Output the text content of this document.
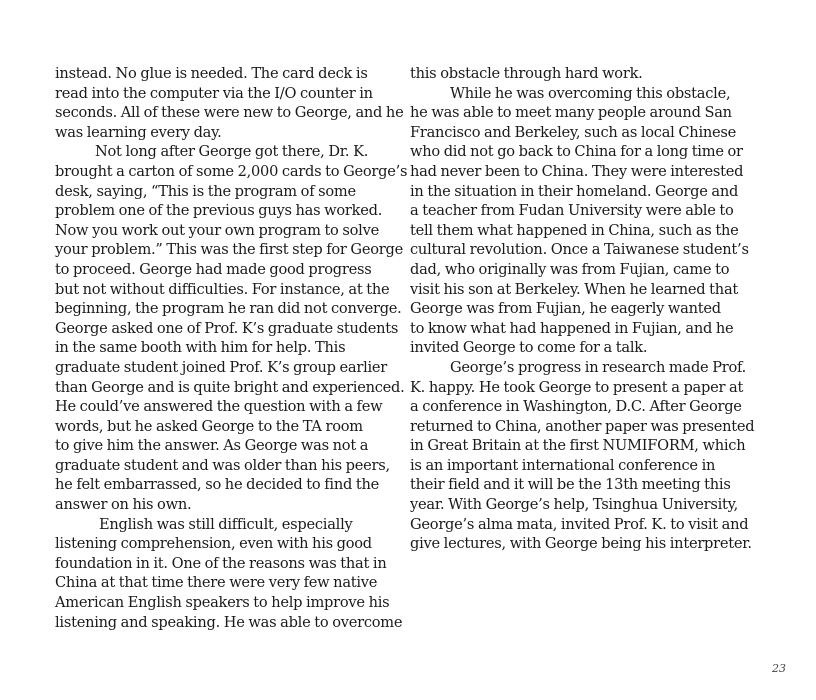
instead. No glue is needed. The card deck is
read into the computer via the I/O counter in
seconds. All of these were new to George, and he
was learning every day.
Not long after George got there, Dr. K.
brought a carton of some 2,000 cards to George’s
desk, saying, “This is the program of some
problem one of the previous guys has worked.
Now you work out your own program to solve
your problem.” This was the first step for George
to proceed. George had made good progress
but not without difficulties. For instance, at the
beginning, the program he ran did not converge.
George asked one of Prof. K’s graduate students
in the same booth with him for help. This
graduate student joined Prof. K’s group earlier
than George and is quite bright and experienced.
He could’ve answered the question with a few
words, but he asked George to the TA room
to give him the answer. As George was not a
graduate student and was older than his peers,
he felt embarrassed, so he decided to find the
answer on his own.
English was still difficult, especially
listening comprehension, even with his good
foundation in it. One of the reasons was that in
China at that time there were very few native
American English speakers to help improve his
listening and speaking. He was able to overcome
this obstacle through hard work.
While he was overcoming this obstacle,
he was able to meet many people around San
Francisco and Berkeley, such as local Chinese
who did not go back to China for a long time or
had never been to China. They were interested
in the situation in their homeland. George and
a teacher from Fudan University were able to
tell them what happened in China, such as the
cultural revolution. Once a Taiwanese student’s
dad, who originally was from Fujian, came to
visit his son at Berkeley. When he learned that
George was from Fujian, he eagerly wanted
to know what had happened in Fujian, and he
invited George to come for a talk.
George’s progress in research made Prof.
K. happy. He took George to present a paper at
a conference in Washington, D.C. After George
returned to China, another paper was presented
in Great Britain at the first NUMIFORM, which
is an important international conference in
their field and it will be the 13th meeting this
year. With George’s help, Tsinghua University,
George’s alma mata, invited Prof. K. to visit and
give lectures, with George being his interpreter.
23
